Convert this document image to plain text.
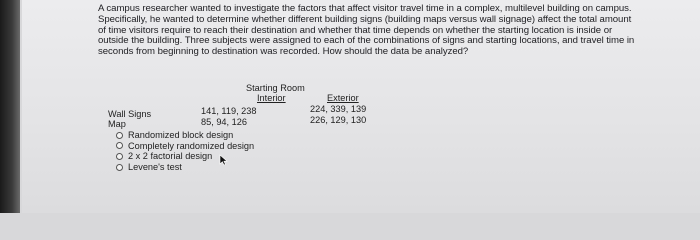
A campus researcher wanted to investigate the factors that affect visitor travel time in a complex, multilevel building on campus.
Specifically, he wanted to determine whether different building signs (building maps versus wall signage) affect the total amount
of time visitors require to reach their destination and whether that time depends on whether the starting location is inside or
outside the building. Three subjects were assigned to each of the combinations of signs and starting locations, and travel time in
seconds from beginning to destination was recorded. How should the data be analyzed?
Starting Room
Interior	Exterior
Wall Signs
Map
141, 119, 238
85, 94, 126
224, 339, 139
226, 129, 130
Randomized block design
Completely randomized design
2 x 2 factorial design
Levene's test
